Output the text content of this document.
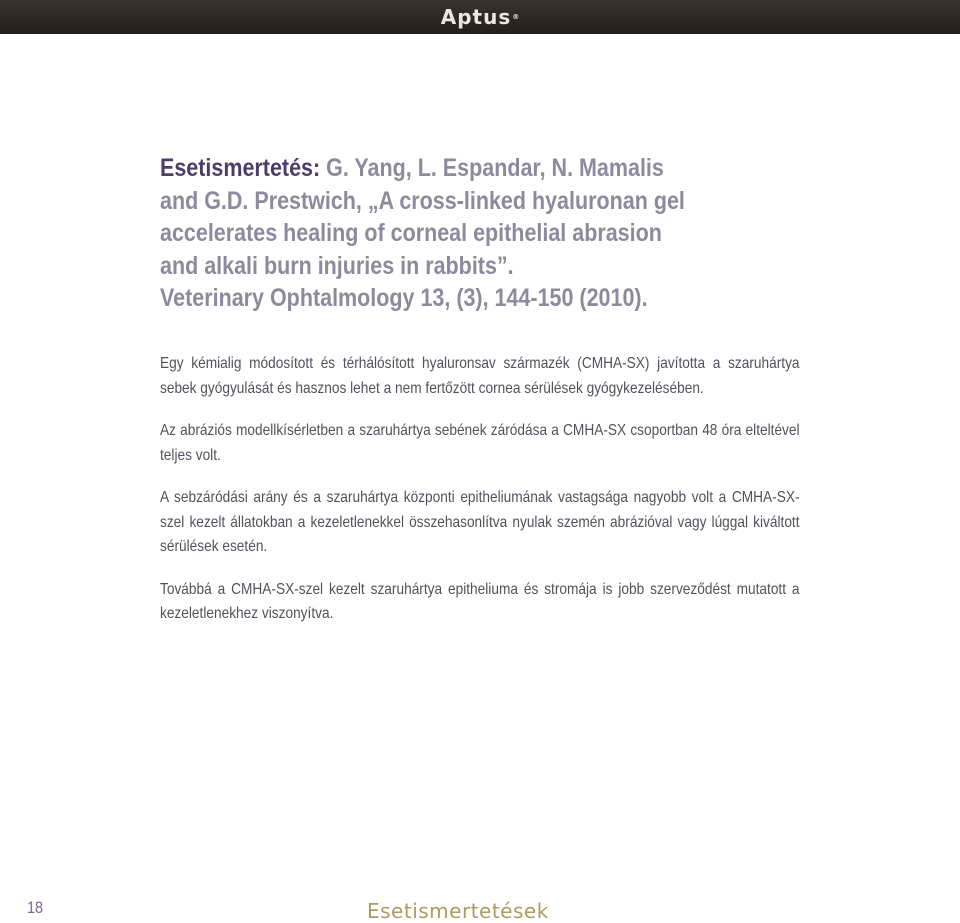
Aptus®
Esetismertetés: G. Yang, L. Espandar, N. Mamalis
and G.D. Prestwich, „A cross-linked hyaluronan gel
accelerates healing of corneal epithelial abrasion
and alkali burn injuries in rabbits”.
Veterinary Ophtalmology 13, (3), 144-150 (2010).

Egy kémialig módosított és térhálósított hyaluronsav származék (CMHA-SX) javította a szaruhártya sebek gyógyulását és hasznos lehet a nem fertőzött cornea sérülések gyógykezelésében.

Az abráziós modellkísérletben a szaruhártya sebének záródása a CMHA-SX csoportban 48 óra elteltével teljes volt.

A sebzáródási arány és a szaruhártya központi epitheliumának vastagsága nagyobb volt a CMHA-SX-szel kezelt állatokban a kezeletlenekkel összehasonlítva nyulak szemén abrázióval vagy lúggal kiváltott sérülések esetén.

Továbbá a CMHA-SX-szel kezelt szaruhártya epitheliuma és stromája is jobb szerveződést mutatott a kezeletlenekhez viszonyítva.

18	Esetismertetések
